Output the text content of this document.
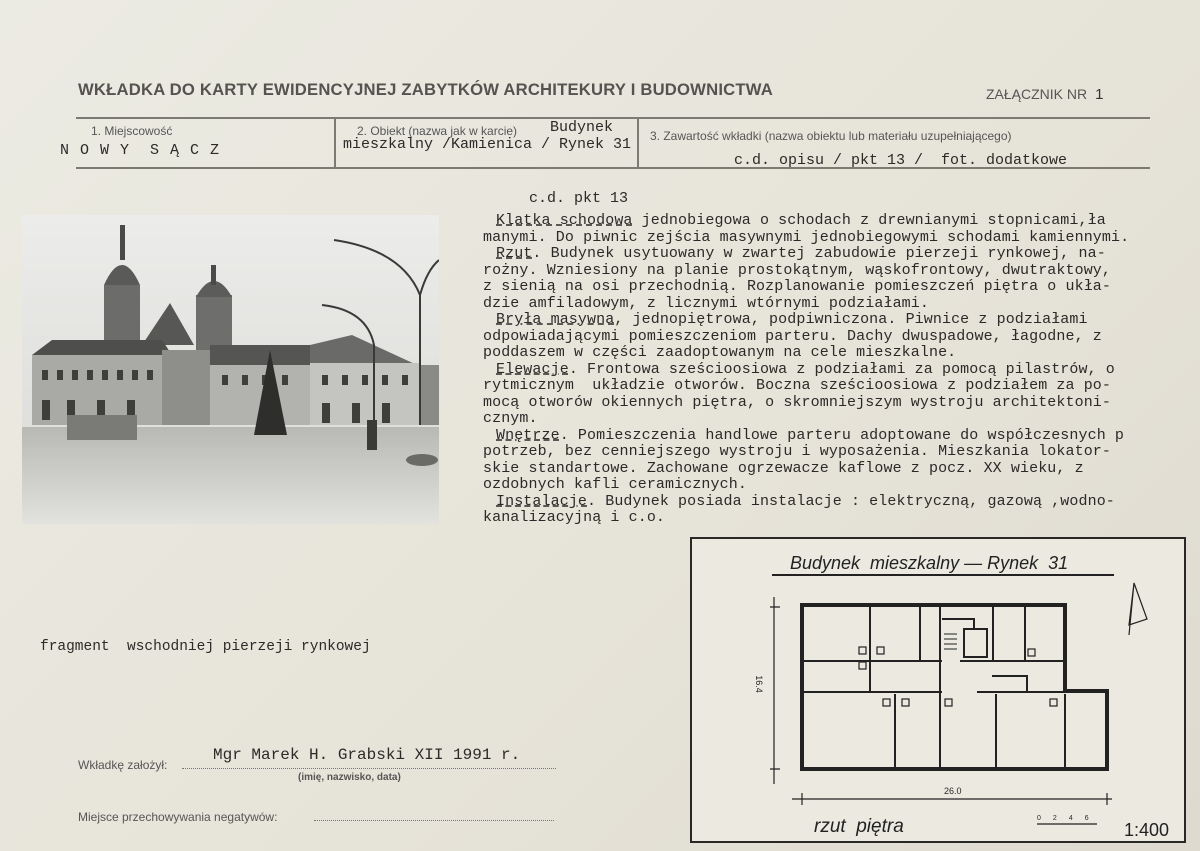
WKŁADKA DO KARTY EWIDENCYJNEJ ZABYTKÓW ARCHITEKURY I BUDOWNICTWA	ZAŁĄCZNIK NR 1
1. Miejscowość
N O W Y  S Ą C Z
2. Obiekt (nazwa jak w karcie) Budynek
mieszkalny /Kamienica / Rynek 31 3. Zawartość wkładki (nazwa obiektu lub materiału uzupełniającego)
c.d. opisu / pkt 13 /  fot. dodatkowe
c.d. pkt 13
Klatka schodowa jednobiegowa o schodach z drewnianymi stopnicami,ła
manymi. Do piwnic zejścia masywnymi jednobiegowymi schodami kamiennymi.
Rzut. Budynek usytuowany w zwartej zabudowie pierzeji rynkowej, na-
rożny. Wzniesiony na planie prostokątnym, wąskofrontowy, dwutraktowy,
z sienią na osi przechodnią. Rozplanowanie pomieszczeń piętra o ukła-
dzie amfiladowym, z licznymi wtórnymi podziałami.
Bryła masywna, jednopiętrowa, podpiwniczona. Piwnice z podziałami
odpowiadającymi pomieszczeniom parteru. Dachy dwuspadowe, łagodne, z
poddaszem w części zaadoptowanym na cele mieszkalne.
Elewacje. Frontowa sześcioosiowa z podziałami za pomocą pilastrów, o
rytmicznym  układzie otworów. Boczna sześcioosiowa z podziałem za po-
mocą otworów okiennych piętra, o skromniejszym wystroju architektoni-
cznym.
Wnętrze. Pomieszczenia handlowe parteru adoptowane do współczesnych p
potrzeb, bez cenniejszego wystroju i wyposażenia. Mieszkania lokator-
skie standartowe. Zachowane ogrzewacze kaflowe z pocz. XX wieku, z
ozdobnych kafli ceramicznych.
Instalacje. Budynek posiada instalacje : elektryczną, gazową ,wodno-
kanalizacyjną i c.o.
fragment  wschodniej pierzeji rynkowej
Budynek  mieszkalny — Rynek  31
16.4
26.0
0 2 4 6
rzut  piętra	1:400
Wkładkę założył:
Mgr Marek H. Grabski XII 1991 r.
(imię, nazwisko, data)
Miejsce przechowywania negatywów:
